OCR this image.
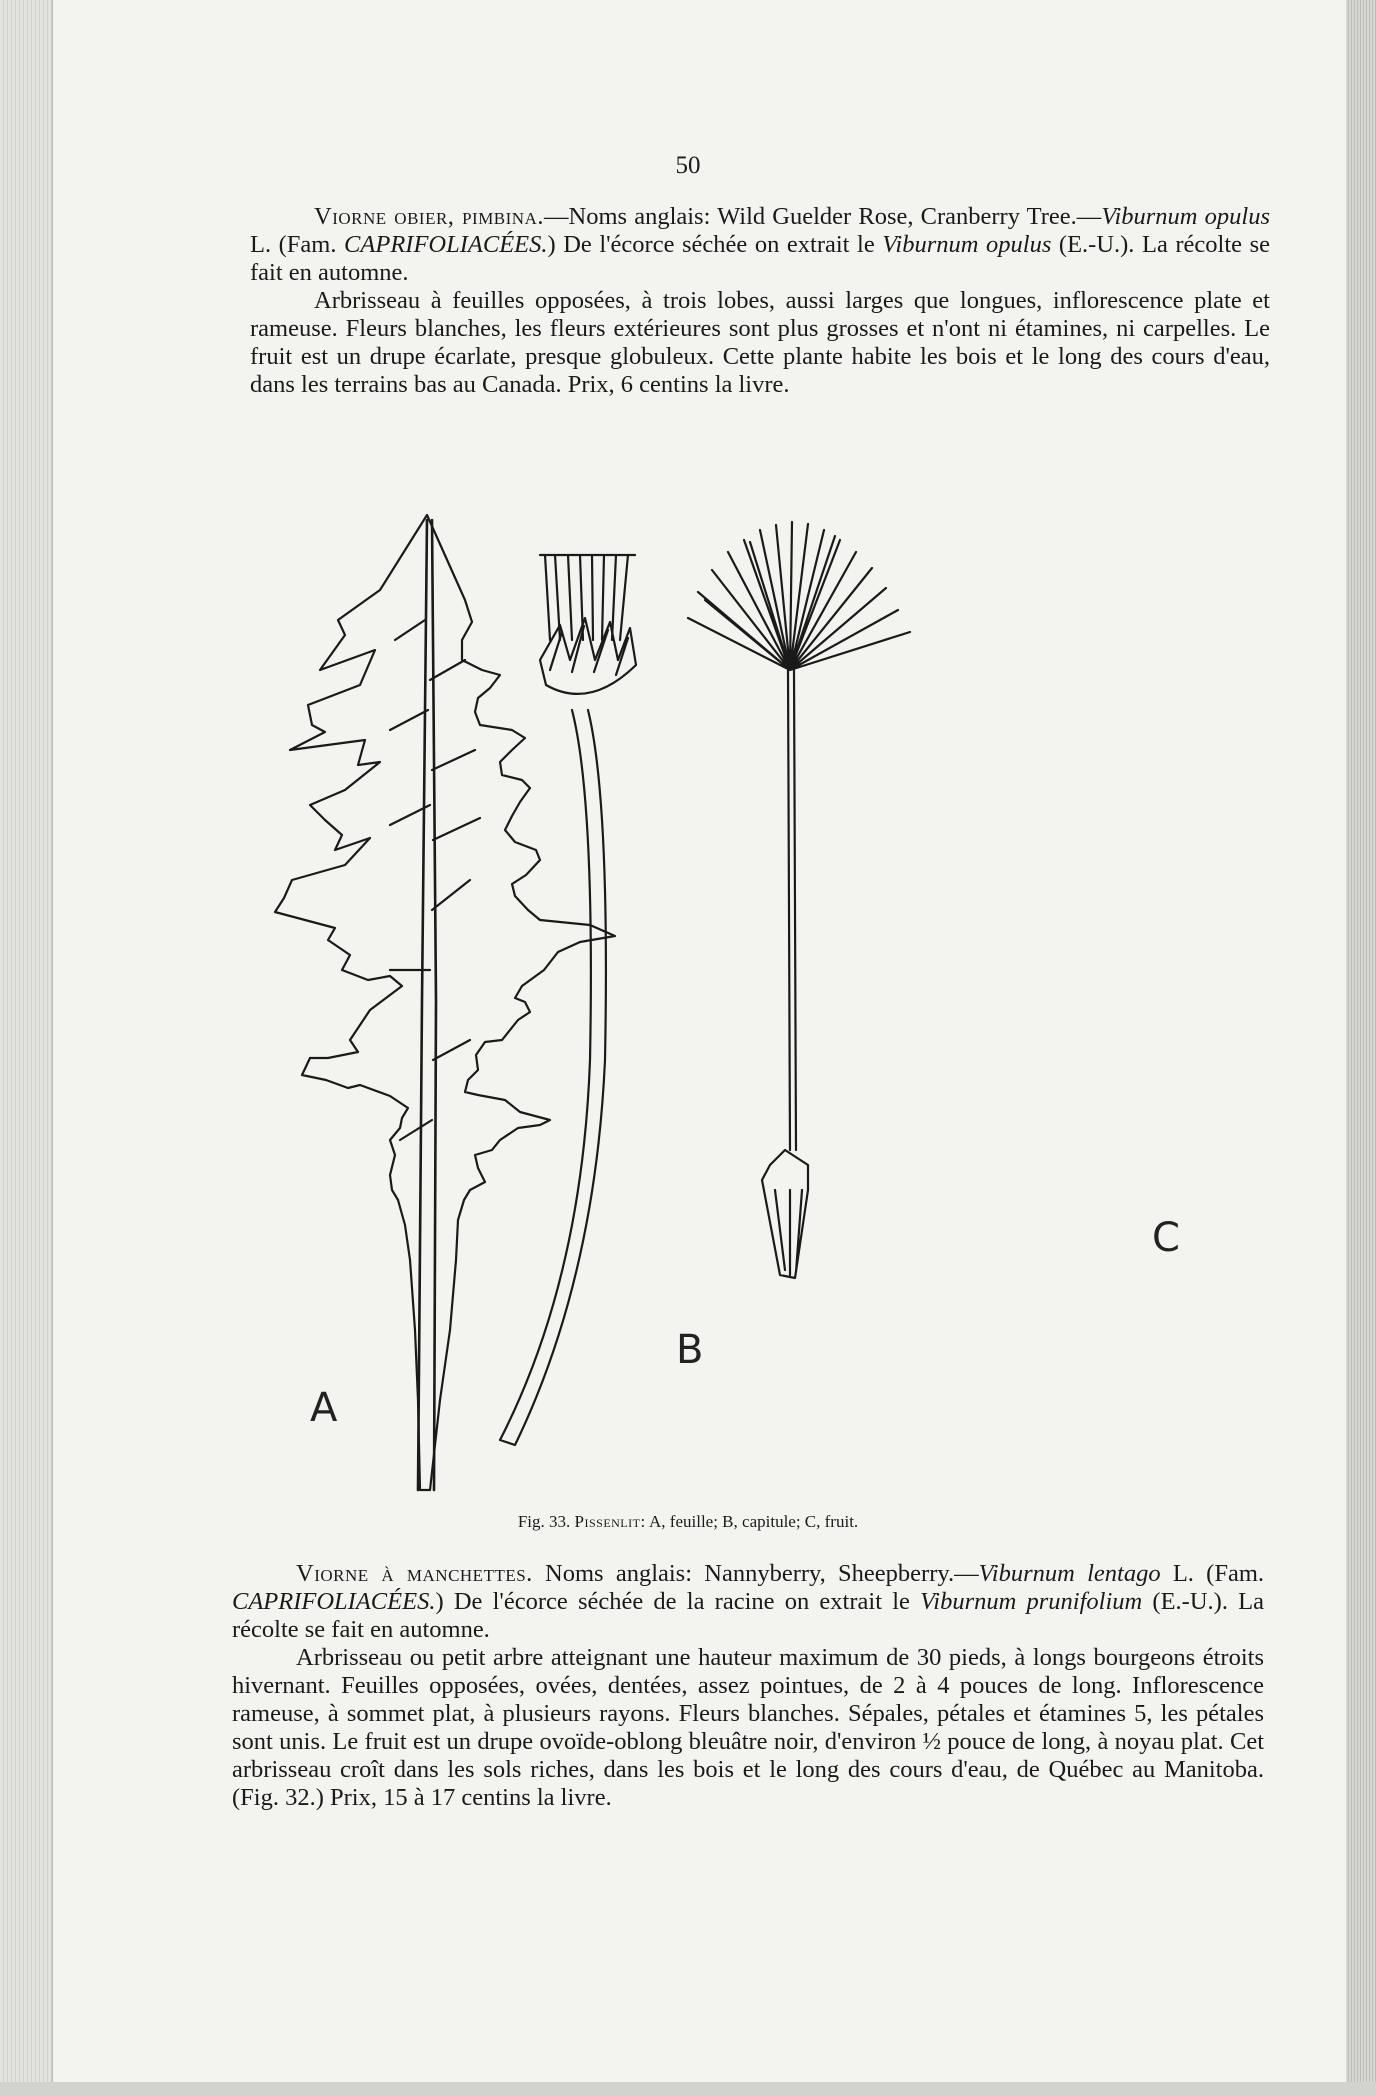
50

Viorne obier, pimbina.—Noms anglais: Wild Guelder Rose, Cranberry Tree.—Viburnum opulus L. (Fam. CAPRIFOLIACÉES.) De l'écorce séchée on extrait le Viburnum opulus (E.-U.). La récolte se fait en automne.

Arbrisseau à feuilles opposées, à trois lobes, aussi larges que longues, inflorescence plate et rameuse. Fleurs blanches, les fleurs extérieures sont plus grosses et n'ont ni étamines, ni carpelles. Le fruit est un drupe écarlate, presque globuleux. Cette plante habite les bois et le long des cours d'eau, dans les terrains bas au Canada. Prix, 6 centins la livre.

A
B
C
Fig. 33. Pissenlit: A, feuille; B, capitule; C, fruit.

Viorne à manchettes. Noms anglais: Nannyberry, Sheepberry.—Viburnum lentago L. (Fam. CAPRIFOLIACÉES.) De l'écorce séchée de la racine on extrait le Viburnum prunifolium (E.-U.). La récolte se fait en automne.

Arbrisseau ou petit arbre atteignant une hauteur maximum de 30 pieds, à longs bourgeons étroits hivernant. Feuilles opposées, ovées, dentées, assez pointues, de 2 à 4 pouces de long. Inflorescence rameuse, à sommet plat, à plusieurs rayons. Fleurs blanches. Sépales, pétales et étamines 5, les pétales sont unis. Le fruit est un drupe ovoïde-oblong bleuâtre noir, d'environ ½ pouce de long, à noyau plat. Cet arbrisseau croît dans les sols riches, dans les bois et le long des cours d'eau, de Québec au Manitoba. (Fig. 32.) Prix, 15 à 17 centins la livre.
